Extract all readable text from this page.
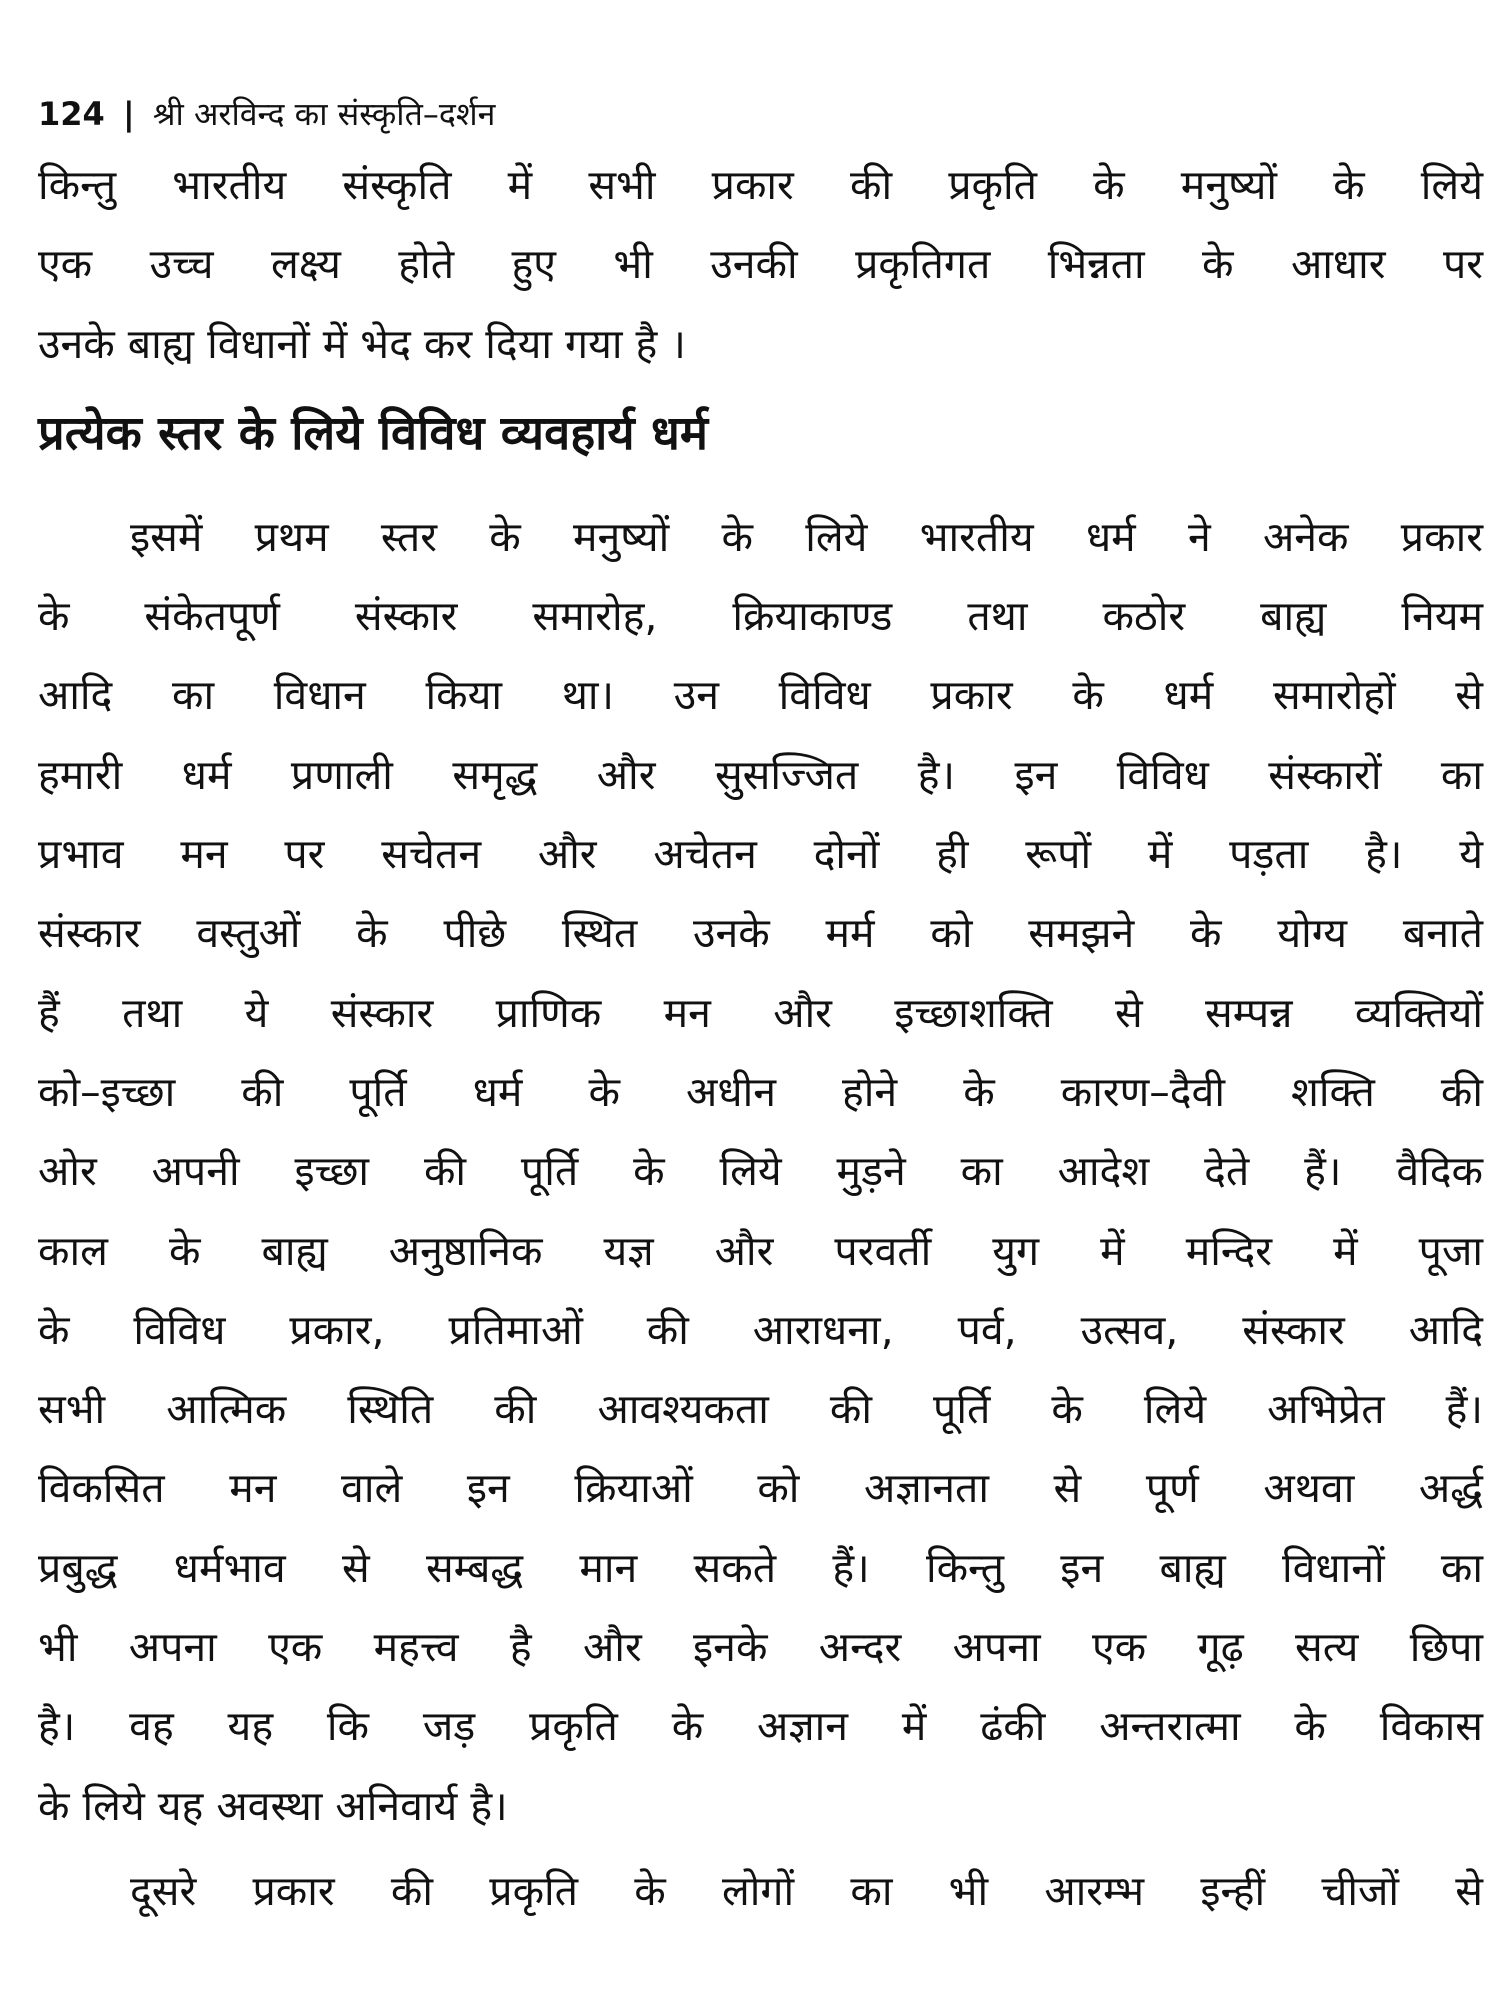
124 | श्री अरविन्द का संस्कृति–दर्शन
किन्तु भारतीय संस्कृति में सभी प्रकार की प्रकृति के मनुष्यों के लिये
एक उच्च लक्ष्य होते हुए भी उनकी प्रकृतिगत भिन्नता के आधार पर
उनके बाह्य विधानों में भेद कर दिया गया है ।
प्रत्येक स्तर के लिये विविध व्यवहार्य धर्म
इसमें प्रथम स्तर के मनुष्यों के लिये भारतीय धर्म ने अनेक प्रकार
के संकेतपूर्ण संस्कार समारोह, क्रियाकाण्ड तथा कठोर बाह्य नियम
आदि का विधान किया था। उन विविध प्रकार के धर्म समारोहों से
हमारी धर्म प्रणाली समृद्ध और सुसज्जित है। इन विविध संस्कारों का
प्रभाव मन पर सचेतन और अचेतन दोनों ही रूपों में पड़ता है। ये
संस्कार वस्तुओं के पीछे स्थित उनके मर्म को समझने के योग्य बनाते
हैं तथा ये संस्कार प्राणिक मन और इच्छाशक्ति से सम्पन्न व्यक्तियों
को–इच्छा की पूर्ति धर्म के अधीन होने के कारण–दैवी शक्ति की
ओर अपनी इच्छा की पूर्ति के लिये मुड़ने का आदेश देते हैं। वैदिक
काल के बाह्य अनुष्ठानिक यज्ञ और परवर्ती युग में मन्दिर में पूजा
के विविध प्रकार, प्रतिमाओं की आराधना, पर्व, उत्सव, संस्कार आदि
सभी आत्मिक स्थिति की आवश्यकता की पूर्ति के लिये अभिप्रेत हैं।
विकसित मन वाले इन क्रियाओं को अज्ञानता से पूर्ण अथवा अर्द्ध
प्रबुद्ध धर्मभाव से सम्बद्ध मान सकते हैं। किन्तु इन बाह्य विधानों का
भी अपना एक महत्त्व है और इनके अन्दर अपना एक गूढ़ सत्य छिपा
है। वह यह कि जड़ प्रकृति के अज्ञान में ढंकी अन्तरात्मा के विकास
के लिये यह अवस्था अनिवार्य है।
दूसरे प्रकार की प्रकृति के लोगों का भी आरम्भ इन्हीं चीजों से
